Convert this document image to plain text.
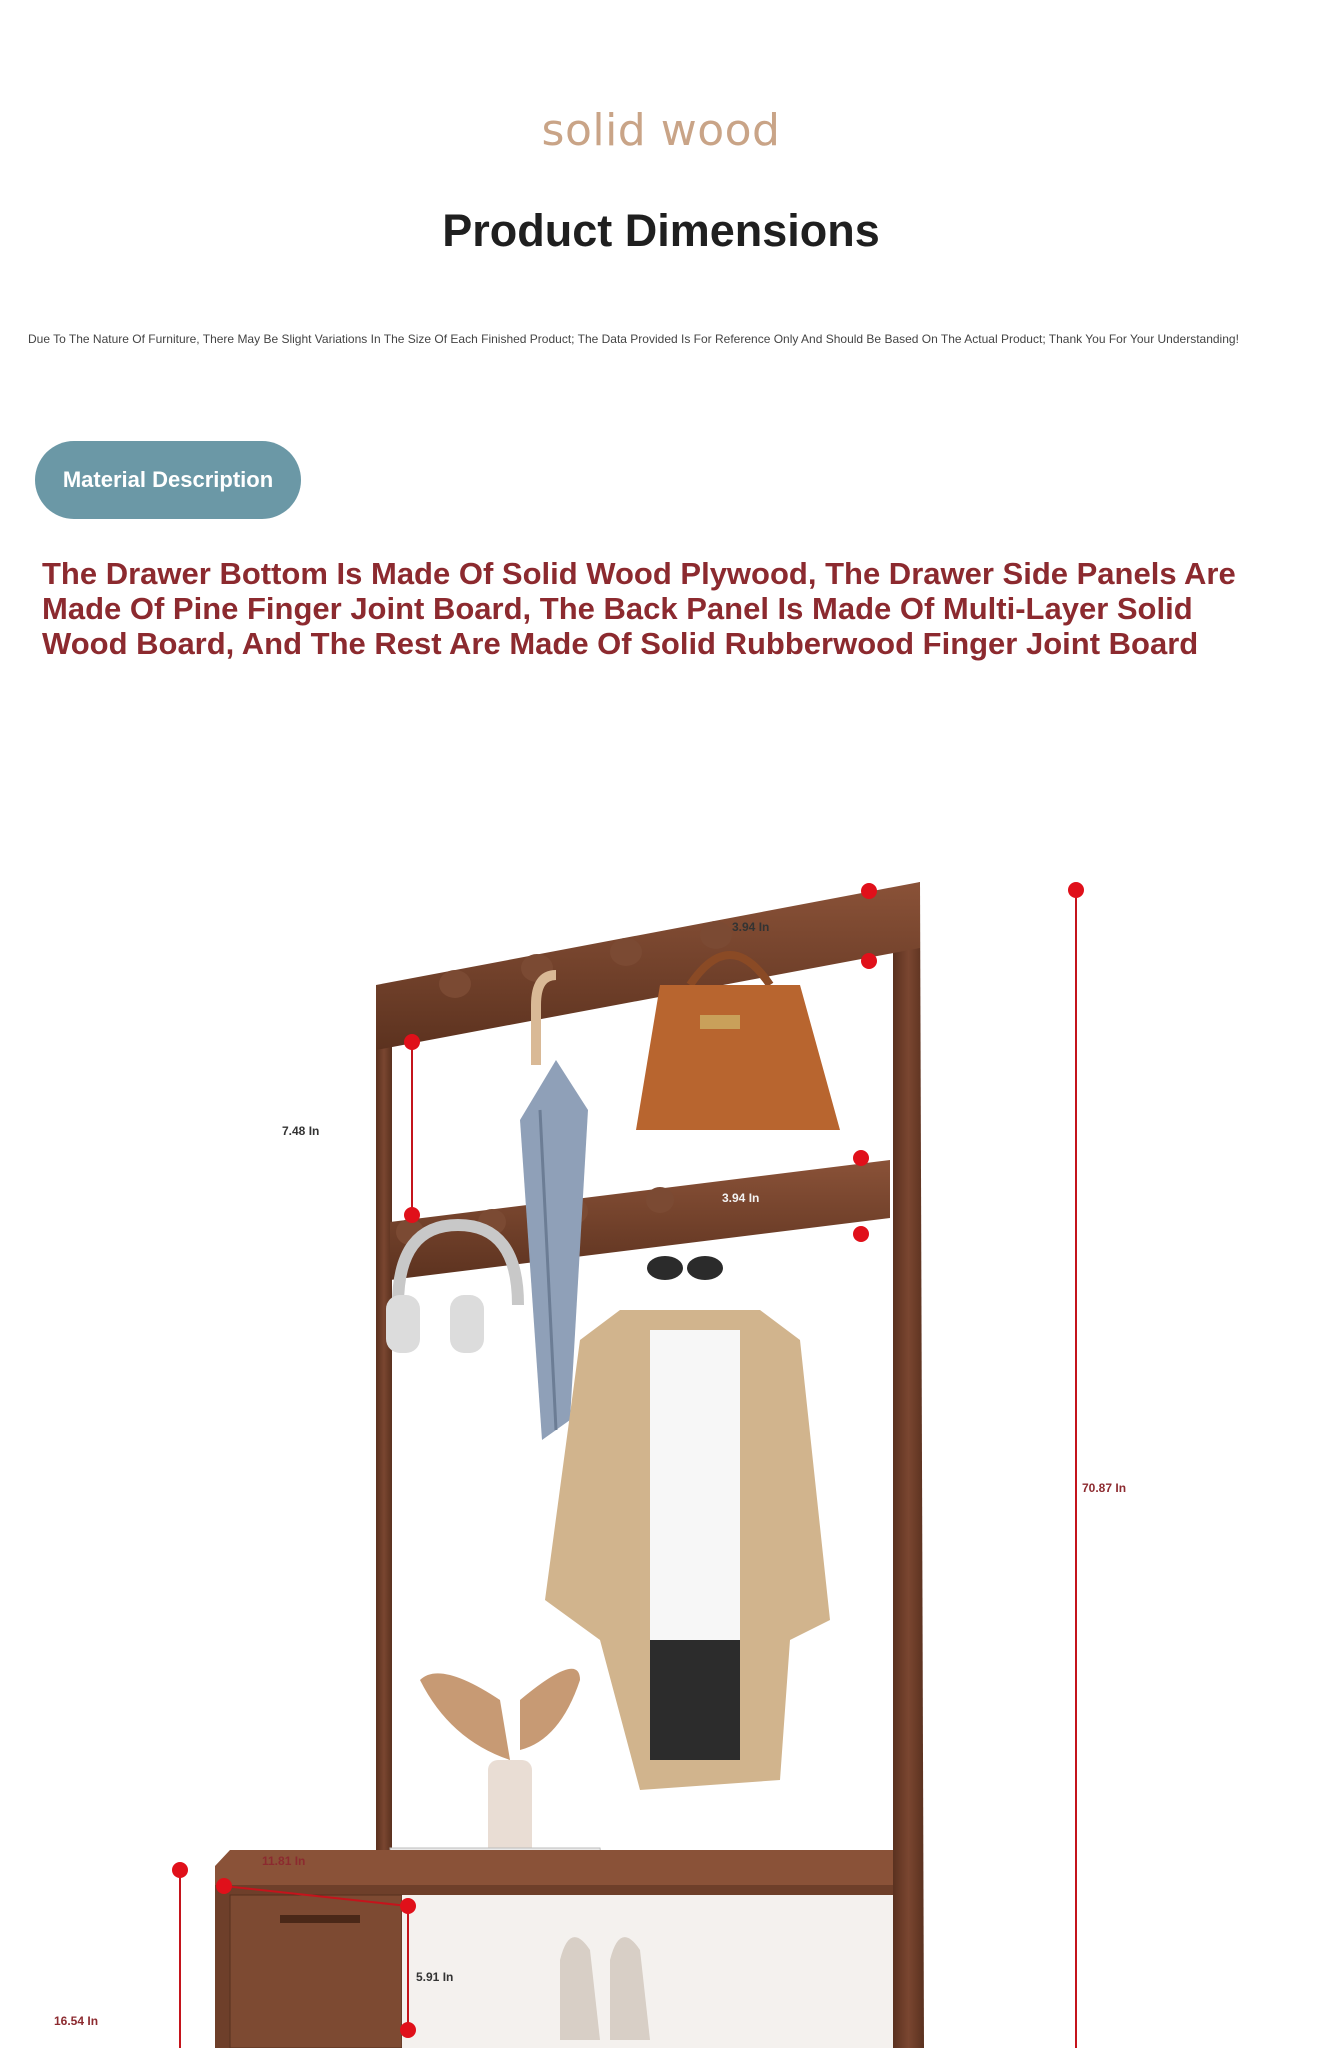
solid wood
Product Dimensions
Due To The Nature Of Furniture, There May Be Slight Variations In The Size Of Each Finished Product; The Data Provided Is For Reference Only And Should Be Based On The Actual Product; Thank You For Your Understanding!
Material Description
The Drawer Bottom Is Made Of Solid Wood Plywood, The Drawer Side Panels Are Made Of Pine Finger Joint Board, The Back Panel Is Made Of Multi-Layer Solid Wood Board, And The Rest Are Made Of Solid Rubberwood Finger Joint Board
3.94 In
7.48 In
3.94 In
70.87 In
11.81 In
5.91 In
16.54 In
